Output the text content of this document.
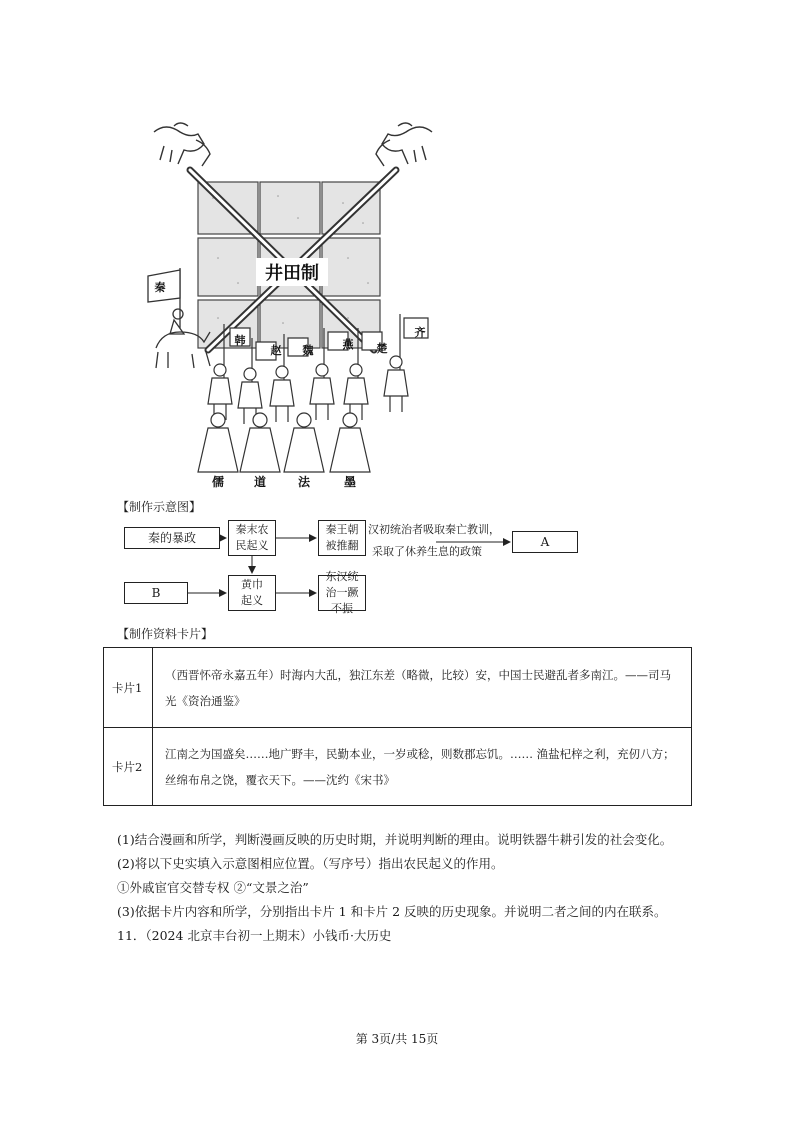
井田制
秦
韩
赵 魏	燕 楚
齐
儒 道	法	墨
【制作示意图】
秦的暴政
秦末农民起义
秦王朝被推翻
汉初统治者吸取秦亡教训，
采取了休养生息的政策
A
B
黄巾起义
东汉统治一蹶不振
【制作资料卡片】
卡片1	（西晋怀帝永嘉五年）时海内大乱，独江东差（略微，比较）安，中国士民避乱者多南江。——司马光《资治通鉴》
卡片2	江南之为国盛矣……地广野丰，民勤本业，一岁或稔，则数郡忘饥。…… 渔盐杞梓之利，充仞八方；丝绵布帛之饶，覆衣天下。——沈约《宋书》
(1)结合漫画和所学，判断漫画反映的历史时期，并说明判断的理由。说明铁器牛耕引发的社会变化。
(2)将以下史实填入示意图相应位置。（写序号）指出农民起义的作用。
①外戚宦官交替专权 ②“文景之治”
(3)依据卡片内容和所学，分别指出卡片 1 和卡片 2 反映的历史现象。并说明二者之间的内在联系。
11．（2024 北京丰台初一上期末）小钱币·大历史
第 3页/共 15页
